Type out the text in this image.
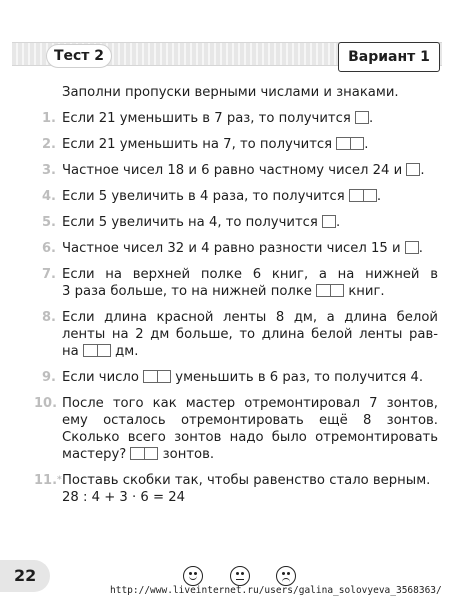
Тест 2	Вариант 1

Заполни пропуски верными числами и знаками.

1. Если 21 уменьшить в 7 раз, то получится .
2. Если 21 уменьшить на 7, то получится .
3. Частное чисел 18 и 6 равно частному чисел 24 и .
4. Если 5 увеличить в 4 раза, то получится .
5. Если 5 увеличить на 4, то получится .
6. Частное чисел 32 и 4 равно разности чисел 15 и .
7. Если на верхней полке 6 книг, а на нижней в
3 раза больше, то на нижней полке	книг.
8. Если длина красной ленты 8 дм, а длина белой
ленты на 2 дм больше, то длина белой ленты рав-
на	дм.
9. Если число	уменьшить в 6 раз, то получится 4.
10. После того как мастер отремонтировал 7 зонтов,
ему осталось отремонтировать ещё 8 зонтов.
Сколько всего зонтов надо было отремонтировать
мастеру?	зонтов.
11.* Поставь скобки так, чтобы равенство стало верным.
28 : 4 + 3 · 6 = 24
22
http://www.liveinternet.ru/users/galina_solovyeva_3568363/
